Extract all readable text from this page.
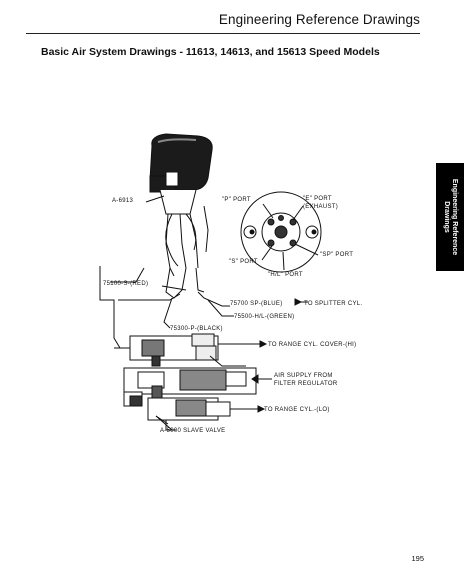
Engineering Reference Drawings
Basic Air System Drawings - 11613, 14613, and 15613 Speed Models
Engineering Reference Drawings
A-6913	"P" PORT	"E" PORT
(EXHAUST)
"S" PORT
"SP" PORT
"H/L" PORT
75100-S-(RED)
75700 SP-(BLUE)	TO SPLITTER CYL.
75500-H/L-(GREEN)
75300-P-(BLACK)
TO RANGE CYL. COVER-(HI)
AIR SUPPLY FROM
FILTER REGULATOR
TO RANGE CYL.-(LO)
A-5000 SLAVE VALVE
195
